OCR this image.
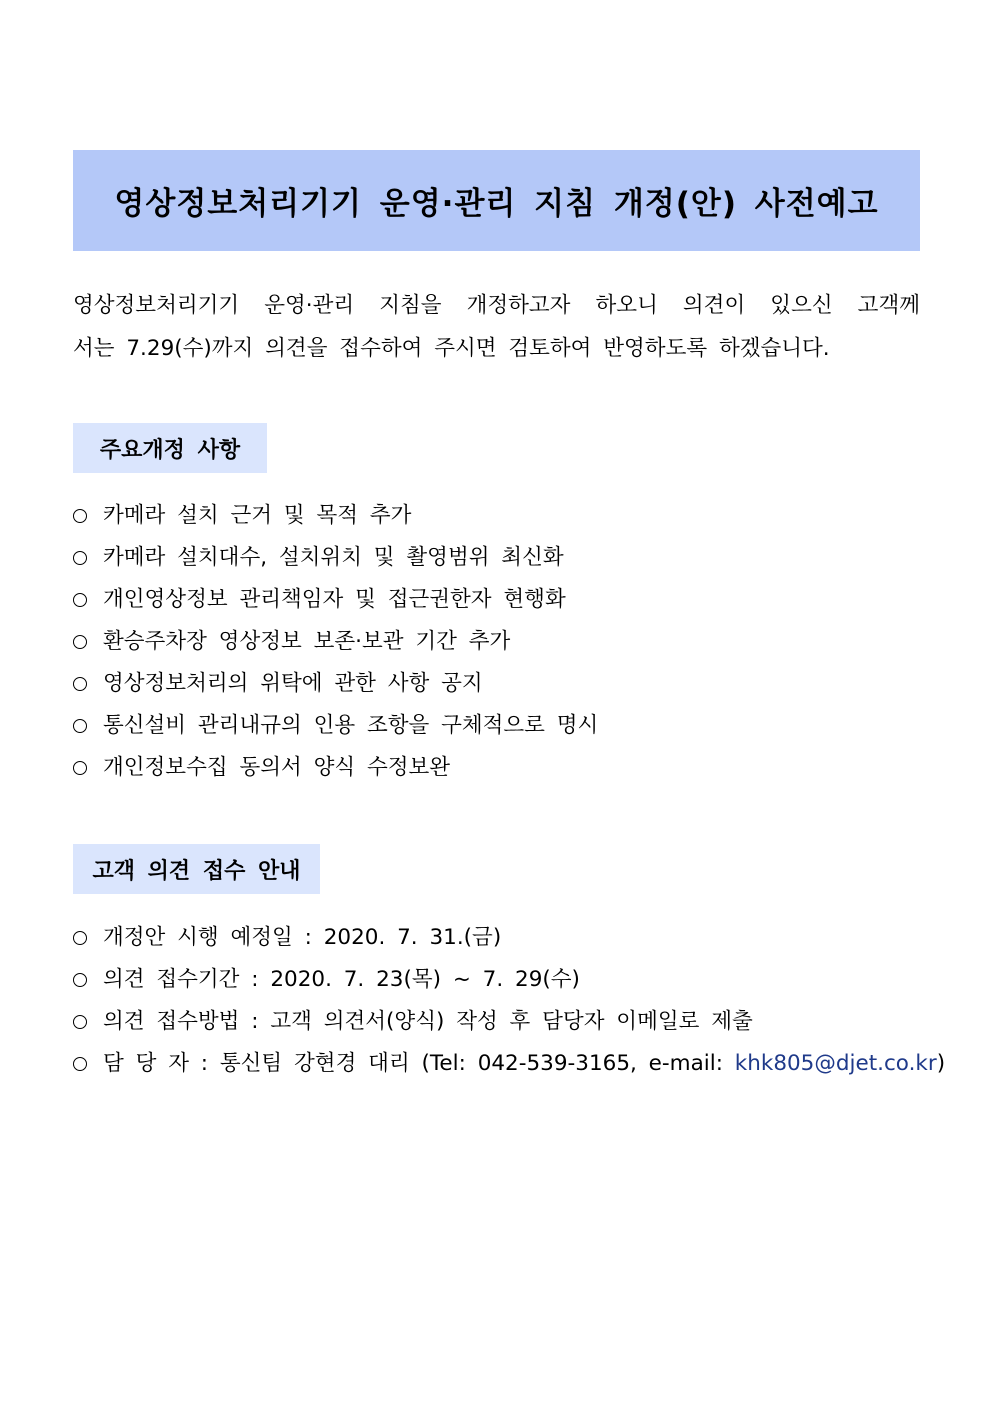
영상정보처리기기 운영·관리 지침 개정(안) 사전예고
영상정보처리기기 운영·관리 지침을 개정하고자 하오니 의견이 있으신 고객께
서는 7.29(수)까지 의견을 접수하여 주시면 검토하여 반영하도록 하겠습니다.
주요개정 사항
카메라 설치 근거 및 목적 추가
카메라 설치대수, 설치위치 및 촬영범위 최신화
개인영상정보 관리책임자 및 접근권한자 현행화
환승주차장 영상정보 보존·보관 기간 추가
영상정보처리의 위탁에 관한 사항 공지
통신설비 관리내규의 인용 조항을 구체적으로 명시
개인정보수집 동의서 양식 수정보완
고객 의견 접수 안내
개정안 시행 예정일 : 2020. 7. 31.(금)
의견 접수기간 : 2020. 7. 23(목) ~ 7. 29(수)
의견 접수방법 : 고객 의견서(양식) 작성 후 담당자 이메일로 제출
담 당 자 : 통신팀 강현경 대리 (Tel: 042-539-3165, e-mail: khk805@djet.co.kr)
